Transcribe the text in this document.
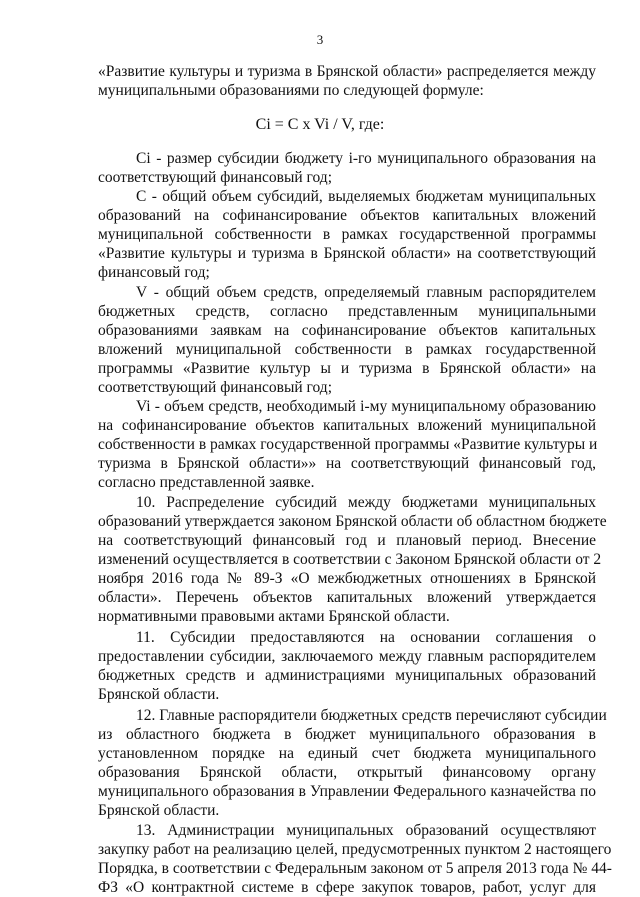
3
«Развитие культуры и туризма в Брянской области» распределяется между
муниципальными образованиями по следующей формуле:
Ci = C x Vi / V, где:
Ci - размер субсидии бюджету i-го муниципального образования на
соответствующий финансовый год;
С - общий объем субсидий, выделяемых бюджетам муниципальных
образований на софинансирование объектов капитальных вложений
муниципальной собственности в рамках государственной программы
«Развитие культуры и туризма в Брянской области» на соответствующий
финансовый год;
V - общий объем средств, определяемый главным распорядителем
бюджетных средств, согласно представленным муниципальными
образованиями заявкам на софинансирование объектов капитальных
вложений муниципальной собственности в рамках государственной
программы «Развитие культур ы и туризма в Брянской области» на
соответствующий финансовый год;
Vi - объем средств, необходимый i-му муниципальному образованию
на софинансирование объектов капитальных вложений муниципальной
собственности в рамках государственной программы «Развитие культуры и
туризма в Брянской области»» на соответствующий финансовый год,
согласно представленной заявке.
10. Распределение субсидий между бюджетами муниципальных
образований утверждается законом Брянской области об областном бюджете
на соответствующий финансовый год и плановый период. Внесение
изменений осуществляется в соответствии с Законом Брянской области от 2
ноября 2016 года № 89-З «О межбюджетных отношениях в Брянской
области». Перечень объектов капитальных вложений утверждается
нормативными правовыми актами Брянской области.
11. Субсидии предоставляются на основании соглашения о
предоставлении субсидии, заключаемого между главным распорядителем
бюджетных средств и администрациями муниципальных образований
Брянской области.
12. Главные распорядители бюджетных средств перечисляют субсидии
из областного бюджета в бюджет муниципального образования в
установленном порядке на единый счет бюджета муниципального
образования Брянской области, открытый финансовому органу
муниципального образования в Управлении Федерального казначейства по
Брянской области.
13. Администрации муниципальных образований осуществляют
закупку работ на реализацию целей, предусмотренных пунктом 2 настоящего
Порядка, в соответствии с Федеральным законом от 5 апреля 2013 года № 44-
ФЗ «О контрактной системе в сфере закупок товаров, работ, услуг для
